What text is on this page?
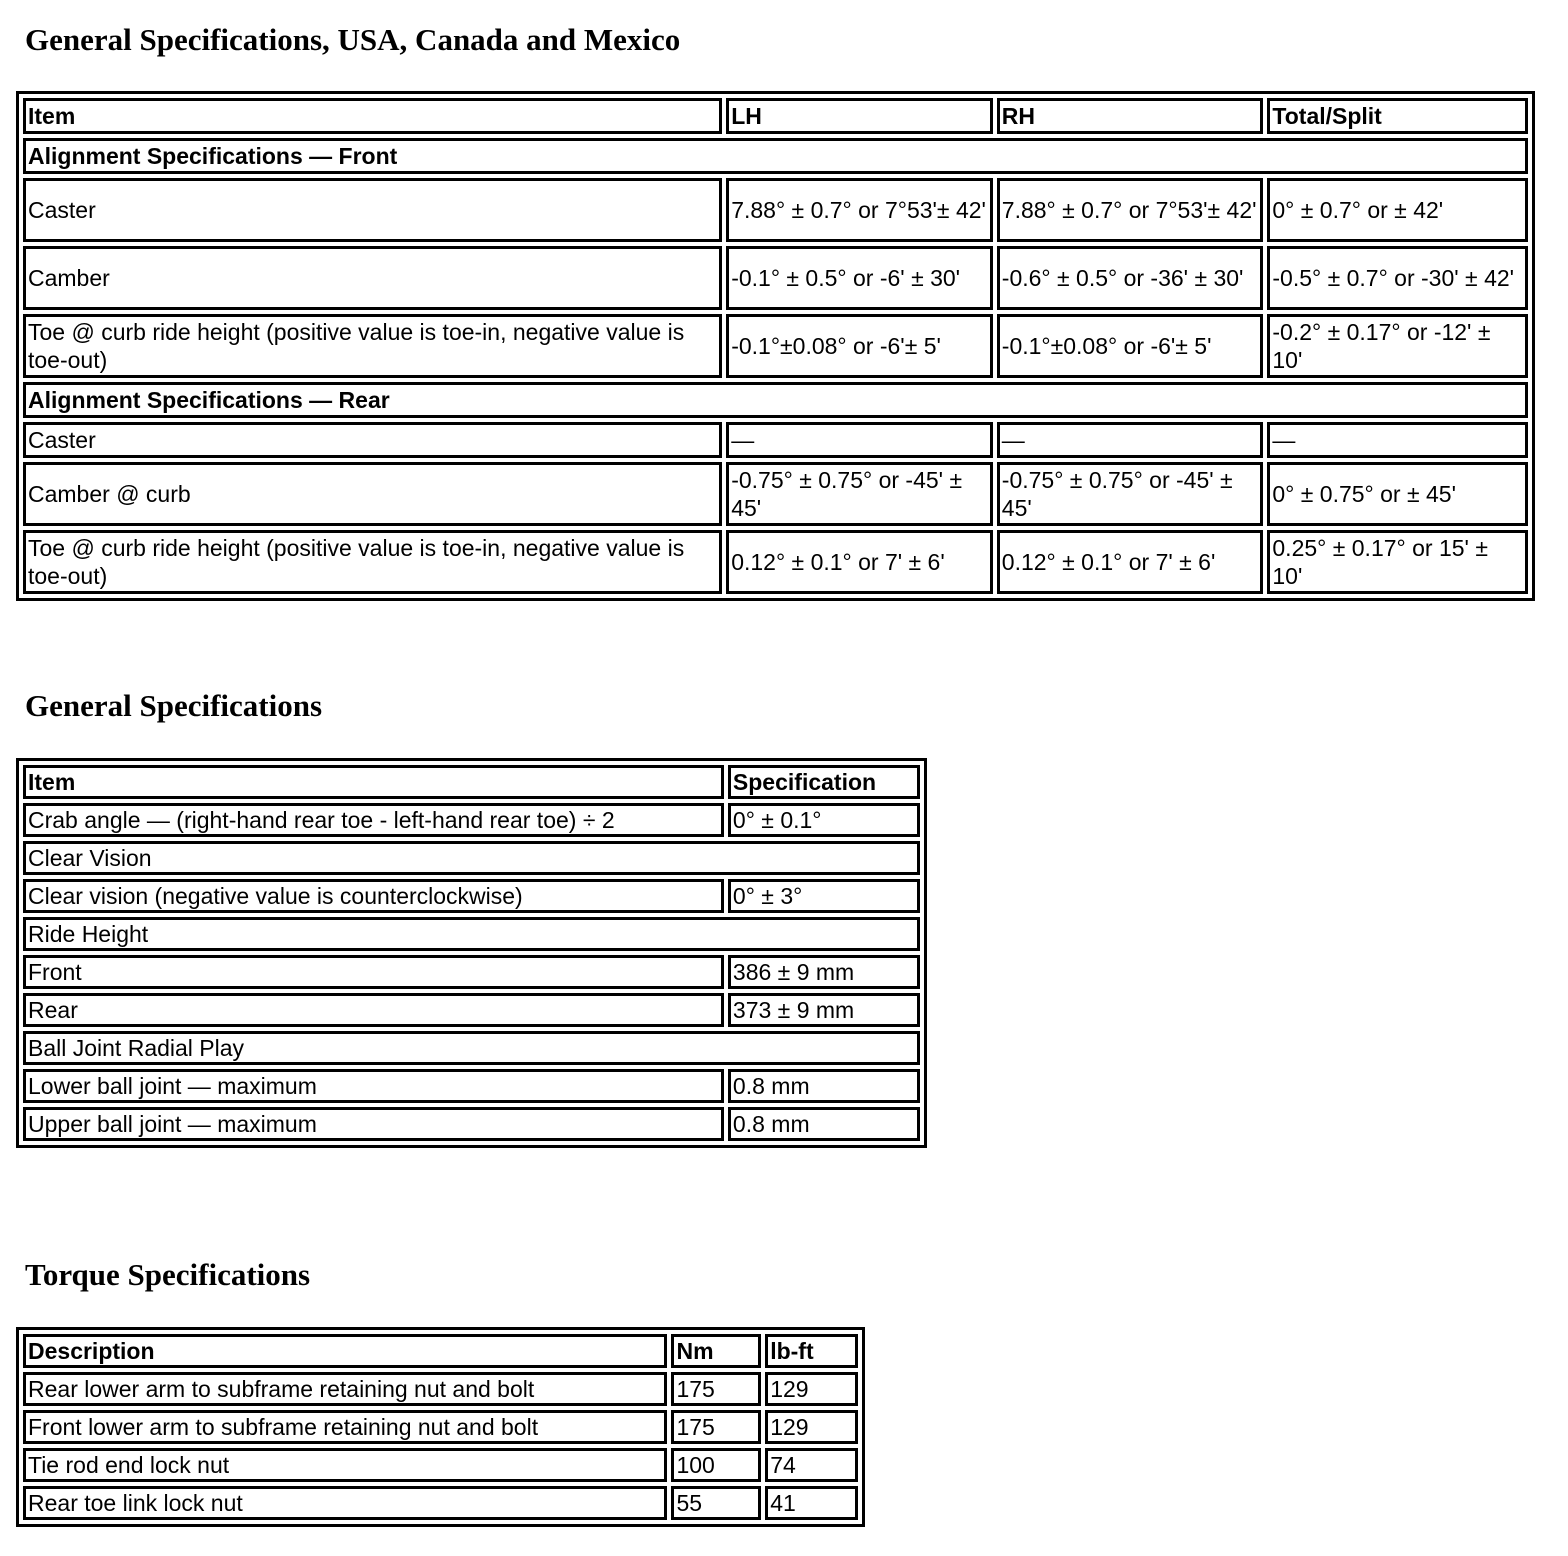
General Specifications, USA, Canada and Mexico
Item	LH	RH	Total/Split
Alignment Specifications — Front			
Caster	7.88° ± 0.7° or 7°53'± 42'	7.88° ± 0.7° or 7°53'± 42'	0° ± 0.7° or ± 42'
Camber	-0.1° ± 0.5° or -6' ± 30'	-0.6° ± 0.5° or -36' ± 30'	-0.5° ± 0.7° or -30' ± 42'
Toe @ curb ride height (positive value is toe-in, negative value is toe-out)	-0.1°±0.08° or -6'± 5'	-0.1°±0.08° or -6'± 5'	-0.2° ± 0.17° or -12' ± 10'
Alignment Specifications — Rear			
Caster	—	—	—
Camber @ curb	-0.75° ± 0.75° or -45' ± 45'	-0.75° ± 0.75° or -45' ± 45'	0° ± 0.75° or ± 45'
Toe @ curb ride height (positive value is toe-in, negative value is toe-out)	0.12° ± 0.1° or 7' ± 6'	0.12° ± 0.1° or 7' ± 6'	0.25° ± 0.17° or 15' ± 10'
General Specifications
Item	Specification
Crab angle — (right-hand rear toe - left-hand rear toe) ÷ 2	0° ± 0.1°
Clear Vision	
Clear vision (negative value is counterclockwise)	0° ± 3°
Ride Height	
Front	386 ± 9 mm
Rear	373 ± 9 mm
Ball Joint Radial Play	
Lower ball joint — maximum	0.8 mm
Upper ball joint — maximum	0.8 mm
Torque Specifications
Description	Nm	lb-ft
Rear lower arm to subframe retaining nut and bolt	175	129
Front lower arm to subframe retaining nut and bolt	175	129
Tie rod end lock nut	100	74
Rear toe link lock nut	55	41
